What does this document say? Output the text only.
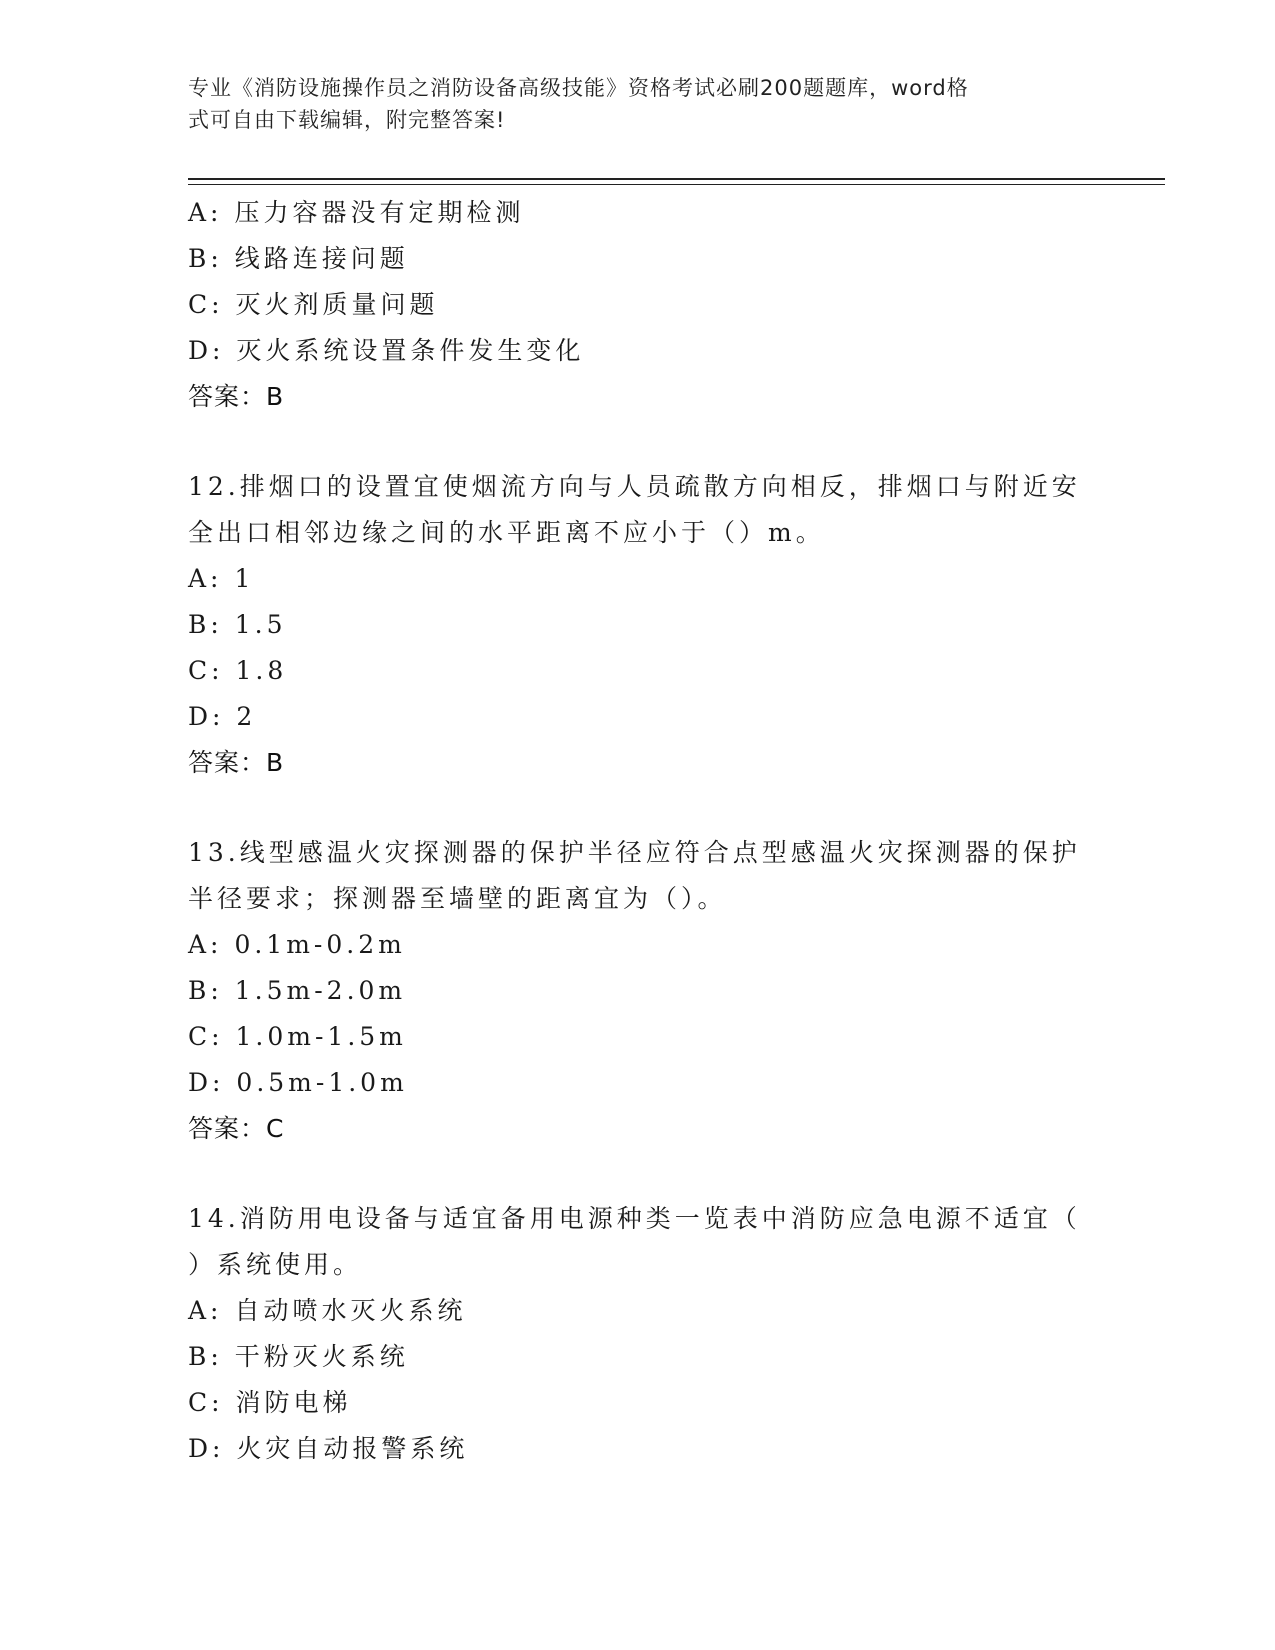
专业《消防设施操作员之消防设备高级技能》资格考试必刷200题题库，word格
式可自由下载编辑，附完整答案!
A: 压力容器没有定期检测
B: 线路连接问题
C: 灭火剂质量问题
D: 灭火系统设置条件发生变化
答案：B
12.排烟口的设置宜使烟流方向与人员疏散方向相反，排烟口与附近安
全出口相邻边缘之间的水平距离不应小于（）m。
A: 1
B: 1.5
C: 1.8
D: 2
答案：B
13.线型感温火灾探测器的保护半径应符合点型感温火灾探测器的保护
半径要求；探测器至墙壁的距离宜为（）。
A: 0.1m-0.2m
B: 1.5m-2.0m
C: 1.0m-1.5m
D: 0.5m-1.0m
答案：C
14.消防用电设备与适宜备用电源种类一览表中消防应急电源不适宜（
）系统使用。
A: 自动喷水灭火系统
B: 干粉灭火系统
C: 消防电梯
D: 火灾自动报警系统
